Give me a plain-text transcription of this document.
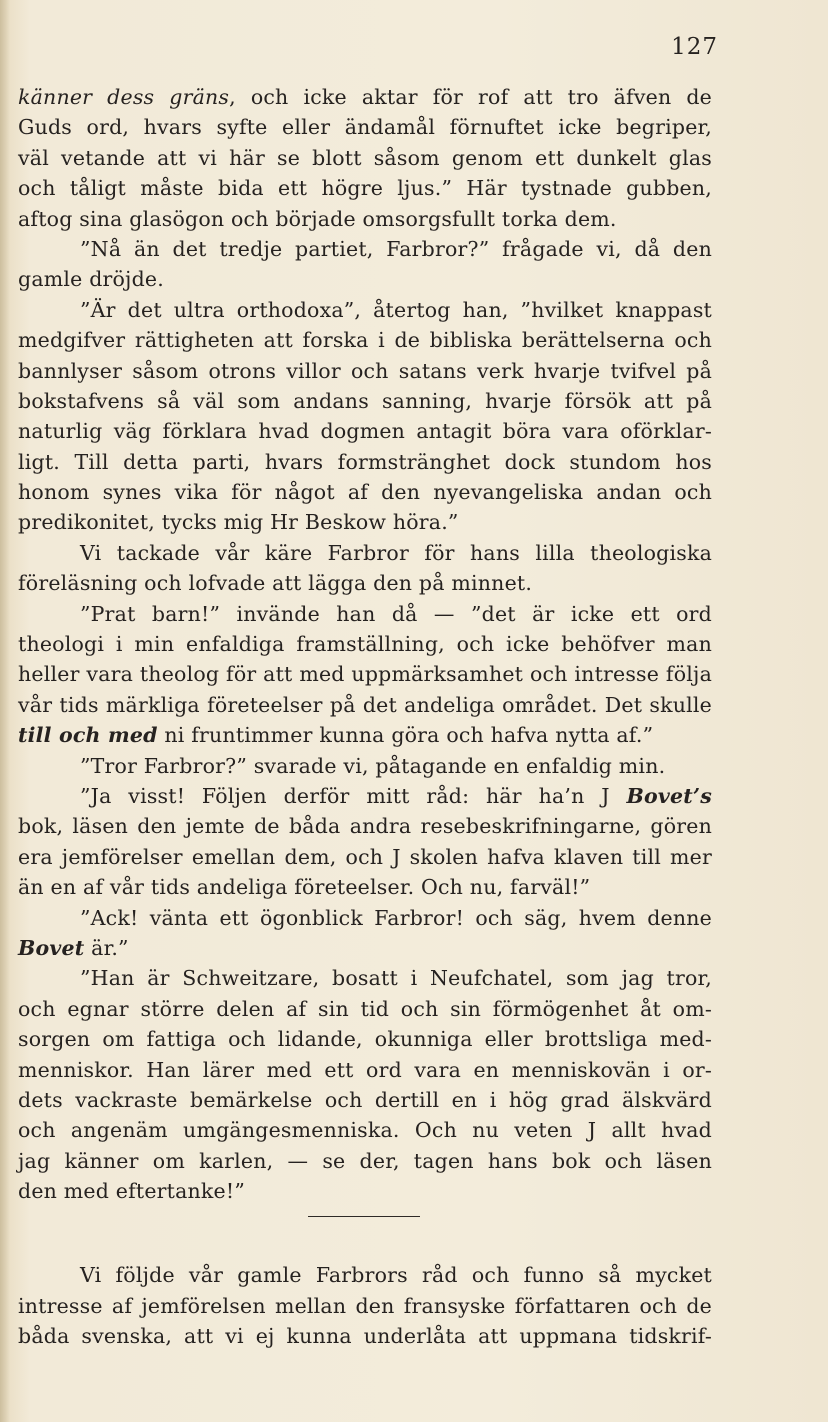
127
känner dess gräns, och icke aktar för rof att tro äfven de
Guds ord, hvars syfte eller ändamål förnuftet icke begriper,
väl vetande att vi här se blott såsom genom ett dunkelt glas
och tåligt måste bida ett högre ljus.” Här tystnade gubben,
aftog sina glasögon och började omsorgsfullt torka dem.
”Nå än det tredje partiet, Farbror?” frågade vi, då den
gamle dröjde.
”Är det ultra orthodoxa”, återtog han, ”hvilket knappast
medgifver rättigheten att forska i de bibliska berättelserna och
bannlyser såsom otrons villor och satans verk hvarje tvifvel på
bokstafvens så väl som andans sanning, hvarje försök att på
naturlig väg förklara hvad dogmen antagit böra vara oförklar-
ligt. Till detta parti, hvars formstränghet dock stundom hos
honom synes vika för något af den nyevangeliska andan och
predikonitet, tycks mig Hr Beskow höra.”
Vi tackade vår käre Farbror för hans lilla theologiska
föreläsning och lofvade att lägga den på minnet.
”Prat barn!” invände han då — ”det är icke ett ord
theologi i min enfaldiga framställning, och icke behöfver man
heller vara theolog för att med uppmärksamhet och intresse följa
vår tids märkliga företeelser på det andeliga området. Det skulle
till och med ni fruntimmer kunna göra och hafva nytta af.”
”Tror Farbror?” svarade vi, påtagande en enfaldig min.
”Ja visst! Följen derför mitt råd: här ha’n J Bovet’s
bok, läsen den jemte de båda andra resebeskrifningarne, gören
era jemförelser emellan dem, och J skolen hafva klaven till mer
än en af vår tids andeliga företeelser. Och nu, farväl!”
”Ack! vänta ett ögonblick Farbror! och säg, hvem denne
Bovet är.”
”Han är Schweitzare, bosatt i Neufchatel, som jag tror,
och egnar större delen af sin tid och sin förmögenhet åt om-
sorgen om fattiga och lidande, okunniga eller brottsliga med-
menniskor. Han lärer med ett ord vara en menniskovän i or-
dets vackraste bemärkelse och dertill en i hög grad älskvärd
och angenäm umgängesmenniska. Och nu veten J allt hvad
jag känner om karlen, — se der, tagen hans bok och läsen
den med eftertanke!”
Vi följde vår gamle Farbrors råd och funno så mycket
intresse af jemförelsen mellan den fransyske författaren och de
båda svenska, att vi ej kunna underlåta att uppmana tidskrif-
